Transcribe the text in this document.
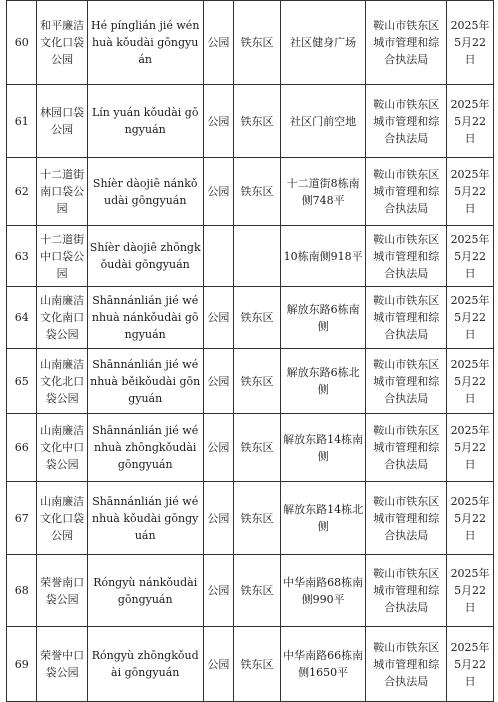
60	和平廉洁文化口袋公园	Hé pínglián jié wénhuà kǒudài gōngyuán	公园	铁东区	社区健身广场	鞍山市铁东区城市管理和综合执法局	2025年5月22日
61	林园口袋公园	Lín yuán kǒudài gōngyuán	公园	铁东区	社区门前空地	鞍山市铁东区城市管理和综合执法局	2025年5月22日
62	十二道街南口袋公园	Shíèr dàojiē nánkǒudài gōngyuán	公园	铁东区	十二道街8栋南侧748平	鞍山市铁东区城市管理和综合执法局	2025年5月22日
63	十二道街中口袋公园	Shíèr dàojiē zhōngkǒudài gōngyuán			10栋南侧918平	鞍山市铁东区城市管理和综合执法局	2025年5月22日
64	山南廉洁文化南口袋公园	Shānnánlián jié wénhuà nánkǒudài gōngyuán	公园	铁东区	解放东路6栋南侧	鞍山市铁东区城市管理和综合执法局	2025年5月22日
65	山南廉洁文化北口袋公园	Shānnánlián jié wénhuà běikǒudài gōngyuán	公园	铁东区	解放东路6栋北侧	鞍山市铁东区城市管理和综合执法局	2025年5月22日
66	山南廉洁文化中口袋公园	Shānnánlián jié wénhuà zhōngkǒudài gōngyuán	公园	铁东区	解放东路14栋南侧	鞍山市铁东区城市管理和综合执法局	2025年5月22日
67	山南廉洁文化口袋公园	Shānnánlián jié wénhuà kǒudài gōngyuán	公园	铁东区	解放东路14栋北侧	鞍山市铁东区城市管理和综合执法局	2025年5月22日
68	荣誉南口袋公园	Róngyù nánkǒudài gōngyuán	公园	铁东区	中华南路68栋南侧990平	鞍山市铁东区城市管理和综合执法局	2025年5月22日
69	荣誉中口袋公园	Róngyù zhōngkǒudài gōngyuán	公园	铁东区	中华南路66栋南侧1650平	鞍山市铁东区城市管理和综合执法局	2025年5月22日
